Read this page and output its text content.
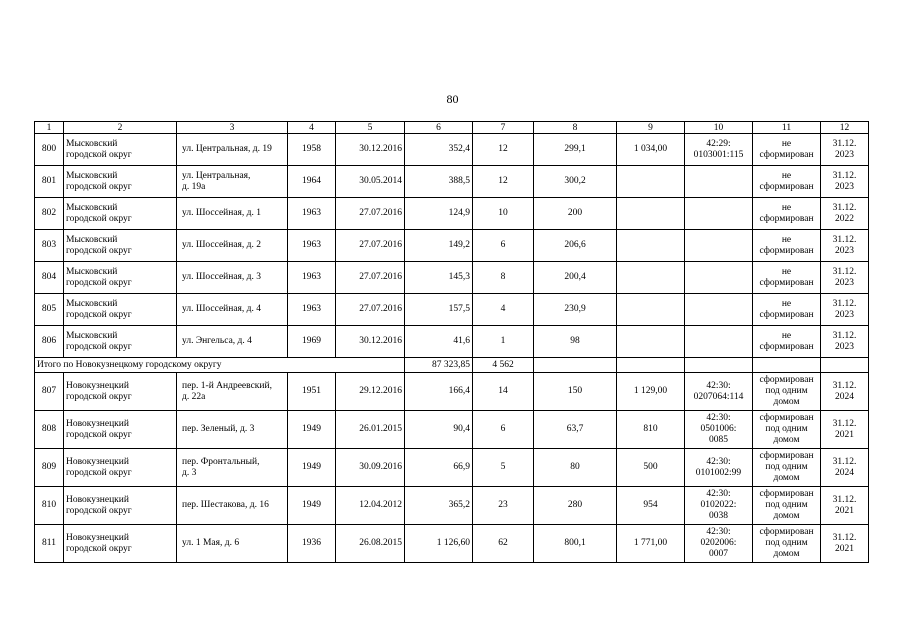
80
1	2	3	4	5	6	7	8	9	10	11	12
800	Мысковский
городской округ	ул. Центральная, д. 19	1958	30.12.2016	352,4	12	299,1	1 034,00	42:29:
0103001:115	не
сформирован	31.12.
2023
801	Мысковский
городской округ	ул. Центральная,
д. 19а	1964	30.05.2014	388,5	12	300,2			не
сформирован	31.12.
2023
802	Мысковский
городской округ	ул. Шоссейная, д. 1	1963	27.07.2016	124,9	10	200			не
сформирован	31.12.
2022
803	Мысковский
городской округ	ул. Шоссейная, д. 2	1963	27.07.2016	149,2	6	206,6			не
сформирован	31.12.
2023
804	Мысковский
городской округ	ул. Шоссейная, д. 3	1963	27.07.2016	145,3	8	200,4			не
сформирован	31.12.
2023
805	Мысковский
городской округ	ул. Шоссейная, д. 4	1963	27.07.2016	157,5	4	230,9			не
сформирован	31.12.
2023
806	Мысковский
городской округ	ул. Энгельса, д. 4	1969	30.12.2016	41,6	1	98			не
сформирован	31.12.
2023
Итого по Новокузнецкому городскому округу					87 323,85	4 562					
807	Новокузнецкий
городской округ	пер. 1-й Андреевский,
д. 22а	1951	29.12.2016	166,4	14	150	1 129,00	42:30:
0207064:114	сформирован
под одним
домом	31.12.
2024
808	Новокузнецкий
городской округ	пер. Зеленый, д. 3	1949	26.01.2015	90,4	6	63,7	810	42:30:
0501006:
0085	сформирован
под одним
домом	31.12.
2021
809	Новокузнецкий
городской округ	пер. Фронтальный,
д. 3	1949	30.09.2016	66,9	5	80	500	42:30:
0101002:99	сформирован
под одним
домом	31.12.
2024
810	Новокузнецкий
городской округ	пер. Шестакова, д. 16	1949	12.04.2012	365,2	23	280	954	42:30:
0102022:
0038	сформирован
под одним
домом	31.12.
2021
811	Новокузнецкий
городской округ	ул. 1 Мая, д. 6	1936	26.08.2015	1 126,60	62	800,1	1 771,00	42:30:
0202006:
0007	сформирован
под одним
домом	31.12.
2021
